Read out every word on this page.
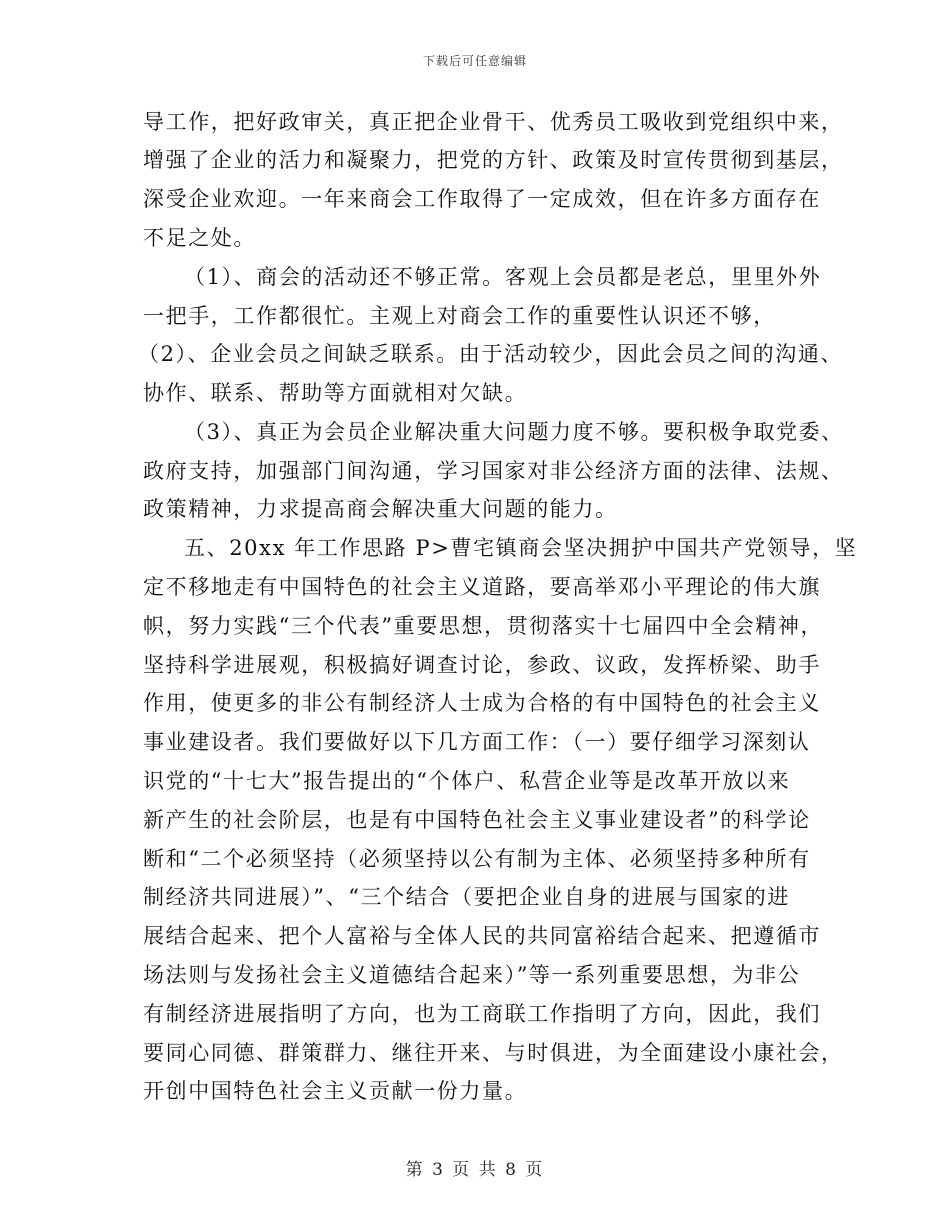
下载后可任意编辑
导工作，把好政审关，真正把企业骨干、优秀员工吸收到党组织中来，
增强了企业的活力和凝聚力，把党的方针、政策及时宣传贯彻到基层，
深受企业欢迎。一年来商会工作取得了一定成效，但在许多方面存在
不足之处。
（1）、商会的活动还不够正常。客观上会员都是老总，里里外外
一把手，工作都很忙。主观上对商会工作的重要性认识还不够，
（2）、企业会员之间缺乏联系。由于活动较少，因此会员之间的沟通、
协作、联系、帮助等方面就相对欠缺。
（3）、真正为会员企业解决重大问题力度不够。要积极争取党委、
政府支持，加强部门间沟通，学习国家对非公经济方面的法律、法规、
政策精神，力求提高商会解决重大问题的能力。
五、20xx 年工作思路 P>曹宅镇商会坚决拥护中国共产党领导，坚
定不移地走有中国特色的社会主义道路，要高举邓小平理论的伟大旗
帜，努力实践“三个代表”重要思想，贯彻落实十七届四中全会精神，
坚持科学进展观，积极搞好调查讨论，参政、议政，发挥桥梁、助手
作用，使更多的非公有制经济人士成为合格的有中国特色的社会主义
事业建设者。我们要做好以下几方面工作：（一）要仔细学习深刻认
识党的“十七大”报告提出的“个体户、私营企业等是改革开放以来
新产生的社会阶层，也是有中国特色社会主义事业建设者”的科学论
断和“二个必须坚持（必须坚持以公有制为主体、必须坚持多种所有
制经济共同进展）”、“三个结合（要把企业自身的进展与国家的进
展结合起来、把个人富裕与全体人民的共同富裕结合起来、把遵循市
场法则与发扬社会主义道德结合起来）”等一系列重要思想，为非公
有制经济进展指明了方向，也为工商联工作指明了方向，因此，我们
要同心同德、群策群力、继往开来、与时俱进，为全面建设小康社会，
开创中国特色社会主义贡献一份力量。
第 3 页 共 8 页
